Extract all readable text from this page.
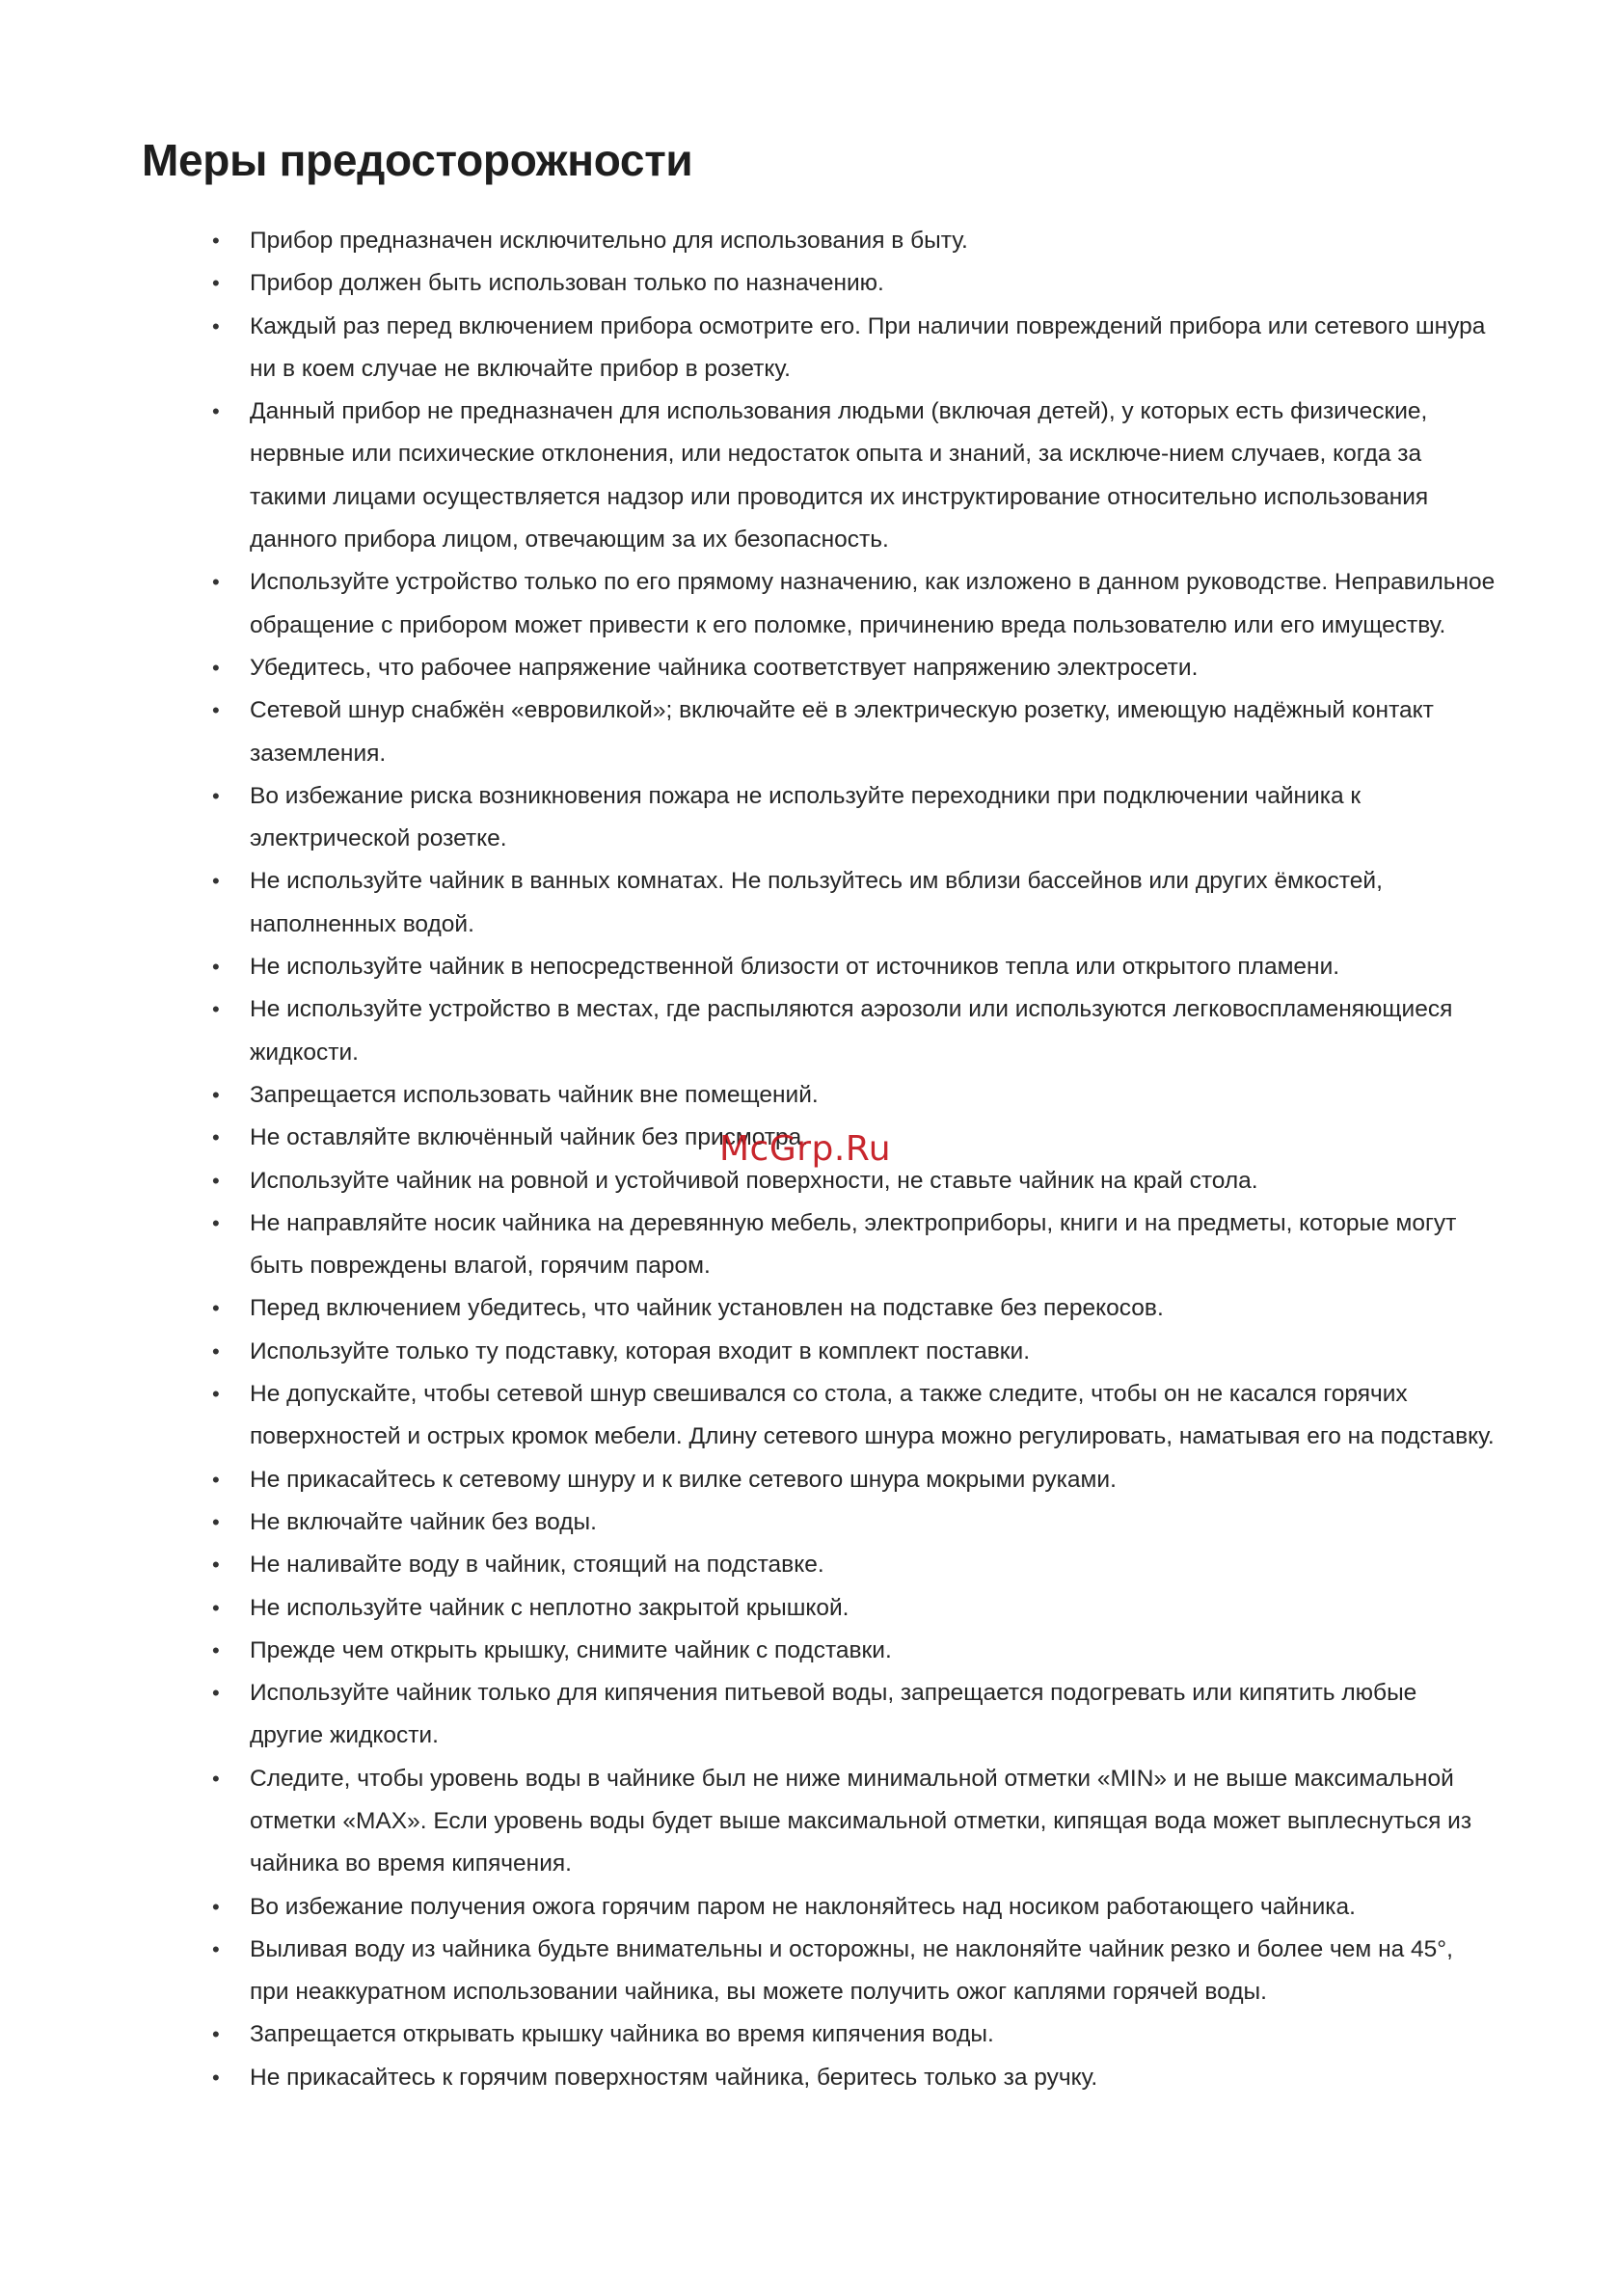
Меры предосторожности
• Прибор предназначен исключительно для использования в быту.
• Прибор должен быть использован только по назначению.
• Каждый раз перед включением прибора осмотрите его. При наличии повреждений прибора или сетевого шнура ни в коем случае не включайте прибор в розетку.
• Данный прибор не предназначен для использования людьми (включая детей), у которых есть физические, нервные или психические отклонения, или недостаток опыта и знаний, за исключе-нием случаев, когда за такими лицами осуществляется надзор или проводится их инструктирование относительно использования данного прибора лицом, отвечающим за их безопасность.
• Используйте устройство только по его прямому назначению, как изложено в данном руководстве. Неправильное обращение с прибором может привести к его поломке, причинению вреда пользователю или его имуществу.
• Убедитесь, что рабочее напряжение чайника соответствует напряжению электросети.
• Сетевой шнур снабжён «евровилкой»; включайте её в электрическую розетку, имеющую надёжный контакт заземления.
• Во избежание риска возникновения пожара не используйте переходники при подключении чайника к электрической розетке.
• Не используйте чайник в ванных комнатах. Не пользуйтесь им вблизи бассейнов или других ёмкостей, наполненных водой.
• Не используйте чайник в непосредственной близости от источников тепла или открытого пламени.
• Не используйте устройство в местах, где распыляются аэрозоли или используются легковоспламеняющиеся жидкости.
• Запрещается использовать чайник вне помещений.
• Не оставляйте включённый чайник без присмотра.
• Используйте чайник на ровной и устойчивой поверхности, не ставьте чайник на край стола.
• Не направляйте носик чайника на деревянную мебель, электроприборы, книги и на предметы, которые могут быть повреждены влагой, горячим паром.
• Перед включением убедитесь, что чайник установлен на подставке без перекосов.
• Используйте только ту подставку, которая входит в комплект поставки.
• Не допускайте, чтобы сетевой шнур свешивался со стола, а также следите, чтобы он не касался горячих поверхностей и острых кромок мебели. Длину сетевого шнура можно регулировать, наматывая его на подставку.
• Не прикасайтесь к сетевому шнуру и к вилке сетевого шнура мокрыми руками.
• Не включайте чайник без воды.
• Не наливайте воду в чайник, стоящий на подставке.
• Не используйте чайник с неплотно закрытой крышкой.
• Прежде чем открыть крышку, снимите чайник с подставки.
• Используйте чайник только для кипячения питьевой воды, запрещается подогревать или кипятить любые другие жидкости.
• Следите, чтобы уровень воды в чайнике был не ниже минимальной отметки «MIN» и не выше максимальной отметки «MAX». Если уровень воды будет выше максимальной отметки, кипящая вода может выплеснуться из чайника во время кипячения.
• Во избежание получения ожога горячим паром не наклоняйтесь над носиком работающего чайника.
• Выливая воду из чайника будьте внимательны и осторожны, не наклоняйте чайник резко и более чем на 45°, при неаккуратном использовании чайника, вы можете получить ожог каплями горячей воды.
• Запрещается открывать крышку чайника во время кипячения воды.
• Не прикасайтесь к горячим поверхностям чайника, беритесь только за ручку.
McGrp.Ru
